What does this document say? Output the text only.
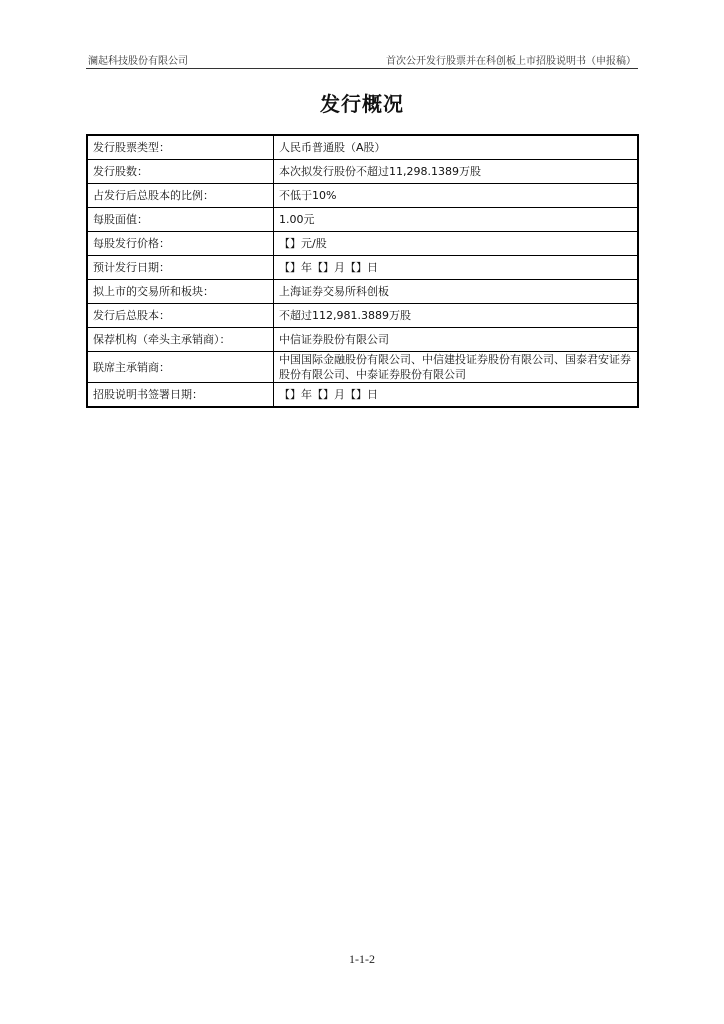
澜起科技股份有限公司	首次公开发行股票并在科创板上市招股说明书（申报稿）
发行概况
发行股票类型：	人民币普通股（A股）
发行股数：	本次拟发行股份不超过11,298.1389万股
占发行后总股本的比例：	不低于10%
每股面值：	1.00元
每股发行价格：	【】元/股
预计发行日期：	【】年【】月【】日
拟上市的交易所和板块：	上海证券交易所科创板
发行后总股本：	不超过112,981.3889万股
保荐机构（牵头主承销商）：	中信证券股份有限公司
联席主承销商：	中国国际金融股份有限公司、中信建投证券股份有限公司、国泰君安证券股份有限公司、中泰证券股份有限公司
招股说明书签署日期：	【】年【】月【】日
1-1-2
